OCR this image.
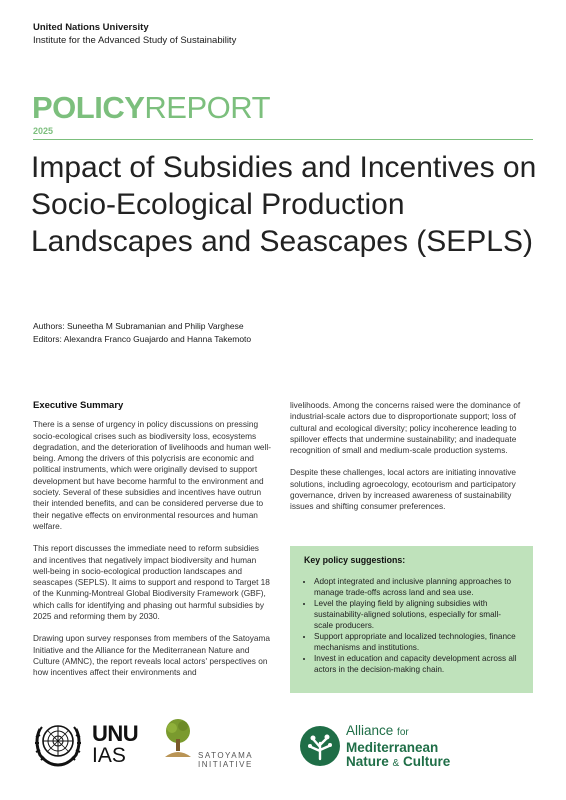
United Nations University
Institute for the Advanced Study of Sustainability
POLICYREPORT
2025
Impact of Subsidies and Incentives on Socio-Ecological Production Landscapes and Seascapes (SEPLS)
Authors: Suneetha M Subramanian and Philip Varghese
Editors: Alexandra Franco Guajardo and Hanna Takemoto
Executive Summary

There is a sense of urgency in policy discussions on pressing socio-ecological crises such as biodiversity loss, ecosystems degradation, and the deterioration of livelihoods and human well-being. Among the drivers of this polycrisis are economic and political instruments, which were originally devised to support development but have become harmful to the environment and society. Several of these subsidies and incentives have outrun their intended benefits, and can be considered perverse due to their negative effects on environmental resources and human welfare.

This report discusses the immediate need to reform subsidies and incentives that negatively impact biodiversity and human well-being in socio-ecological production landscapes and seascapes (SEPLS). It aims to support and respond to Target 18 of the Kunming-Montreal Global Biodiversity Framework (GBF), which calls for identifying and phasing out harmful subsidies by 2025 and reforming them by 2030.

Drawing upon survey responses from members of the Satoyama Initiative and the Alliance for the Mediterranean Nature and Culture (AMNC), the report reveals local actors' perspectives on how incentives affect their environments and

livelihoods. Among the concerns raised were the dominance of industrial-scale actors due to disproportionate support; loss of cultural and ecological diversity; policy incoherence leading to spillover effects that undermine sustainability; and inadequate recognition of small and medium-scale production systems.

Despite these challenges, local actors are initiating innovative solutions, including agroecology, ecotourism and participatory governance, driven by increased awareness of sustainability issues and shifting consumer preferences.

Key policy suggestions:
• Adopt integrated and inclusive planning approaches to manage trade-offs across land and sea use.
• Level the playing field by aligning subsidies with sustainability-aligned solutions, especially for small-scale producers.
• Support appropriate and localized technologies, finance mechanisms and institutions.
• Invest in education and capacity development across all actors in the decision-making chain.
UNU
IAS	SATOYAMA
INITIATIVE
Alliance for
Mediterranean
Nature & Culture
